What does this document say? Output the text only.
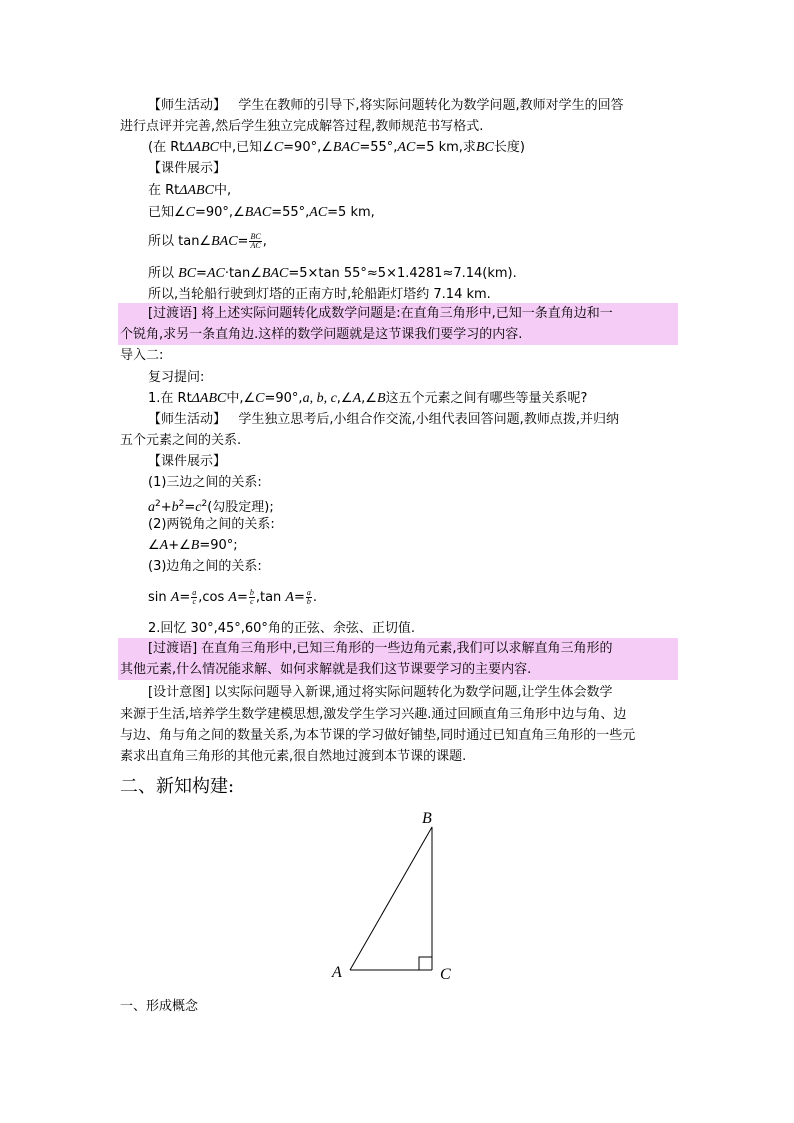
【师生活动】 学生在教师的引导下,将实际问题转化为数学问题,教师对学生的回答
进行点评并完善,然后学生独立完成解答过程,教师规范书写格式.
(在 RtΔABC中,已知∠C=90°,∠BAC=55°,AC=5 km,求BC长度)
【课件展示】
在 RtΔABC中,
已知∠C=90°,∠BAC=55°,AC=5 km,
所以 tan∠BAC= $\frac{BC}{AC}$ ,
所以 BC=AC·tan∠BAC=5×tan 55°≈5×1.4281≈7.14(km).
所以,当轮船行驶到灯塔的正南方时,轮船距灯塔约 7.14 km.
[过渡语] 将上述实际问题转化成数学问题是:在直角三角形中,已知一条直角边和一
个锐角,求另一条直角边.这样的数学问题就是这节课我们要学习的内容.
导入二:
复习提问:
1.在 RtΔABC中,∠C=90°,a, b, c,∠A,∠B这五个元素之间有哪些等量关系呢?
【师生活动】 学生独立思考后,小组合作交流,小组代表回答问题,教师点拨,并归纳
五个元素之间的关系.
【课件展示】
(1)三边之间的关系:
$a^2+b^2=c^2$(勾股定理);
(2)两锐角之间的关系:
∠A+∠B=90°;
(3)边角之间的关系:
$\sin A= \frac{a}{c} ,\cos$ $A= \frac{b}{c} ,\tan$ $A= \frac{a}{b}$ .
2.回忆 30°,45°,60°角的正弦、余弦、正切值.
[过渡语] 在直角三角形中,已知三角形的一些边角元素,我们可以求解直角三角形的
其他元素,什么情况能求解、如何求解就是我们这节课要学习的主要内容.
[设计意图] 以实际问题导入新课,通过将实际问题转化为数学问题,让学生体会数学
来源于生活,培养学生数学建模思想,激发学生学习兴趣.通过回顾直角三角形中边与角、边
与边、角与角之间的数量关系,为本节课的学习做好铺垫,同时通过已知直角三角形的一些元
素求出直角三角形的其他元素,很自然地过渡到本节课的课题.
二、新知构建:
B
A	C
一、形成概念
